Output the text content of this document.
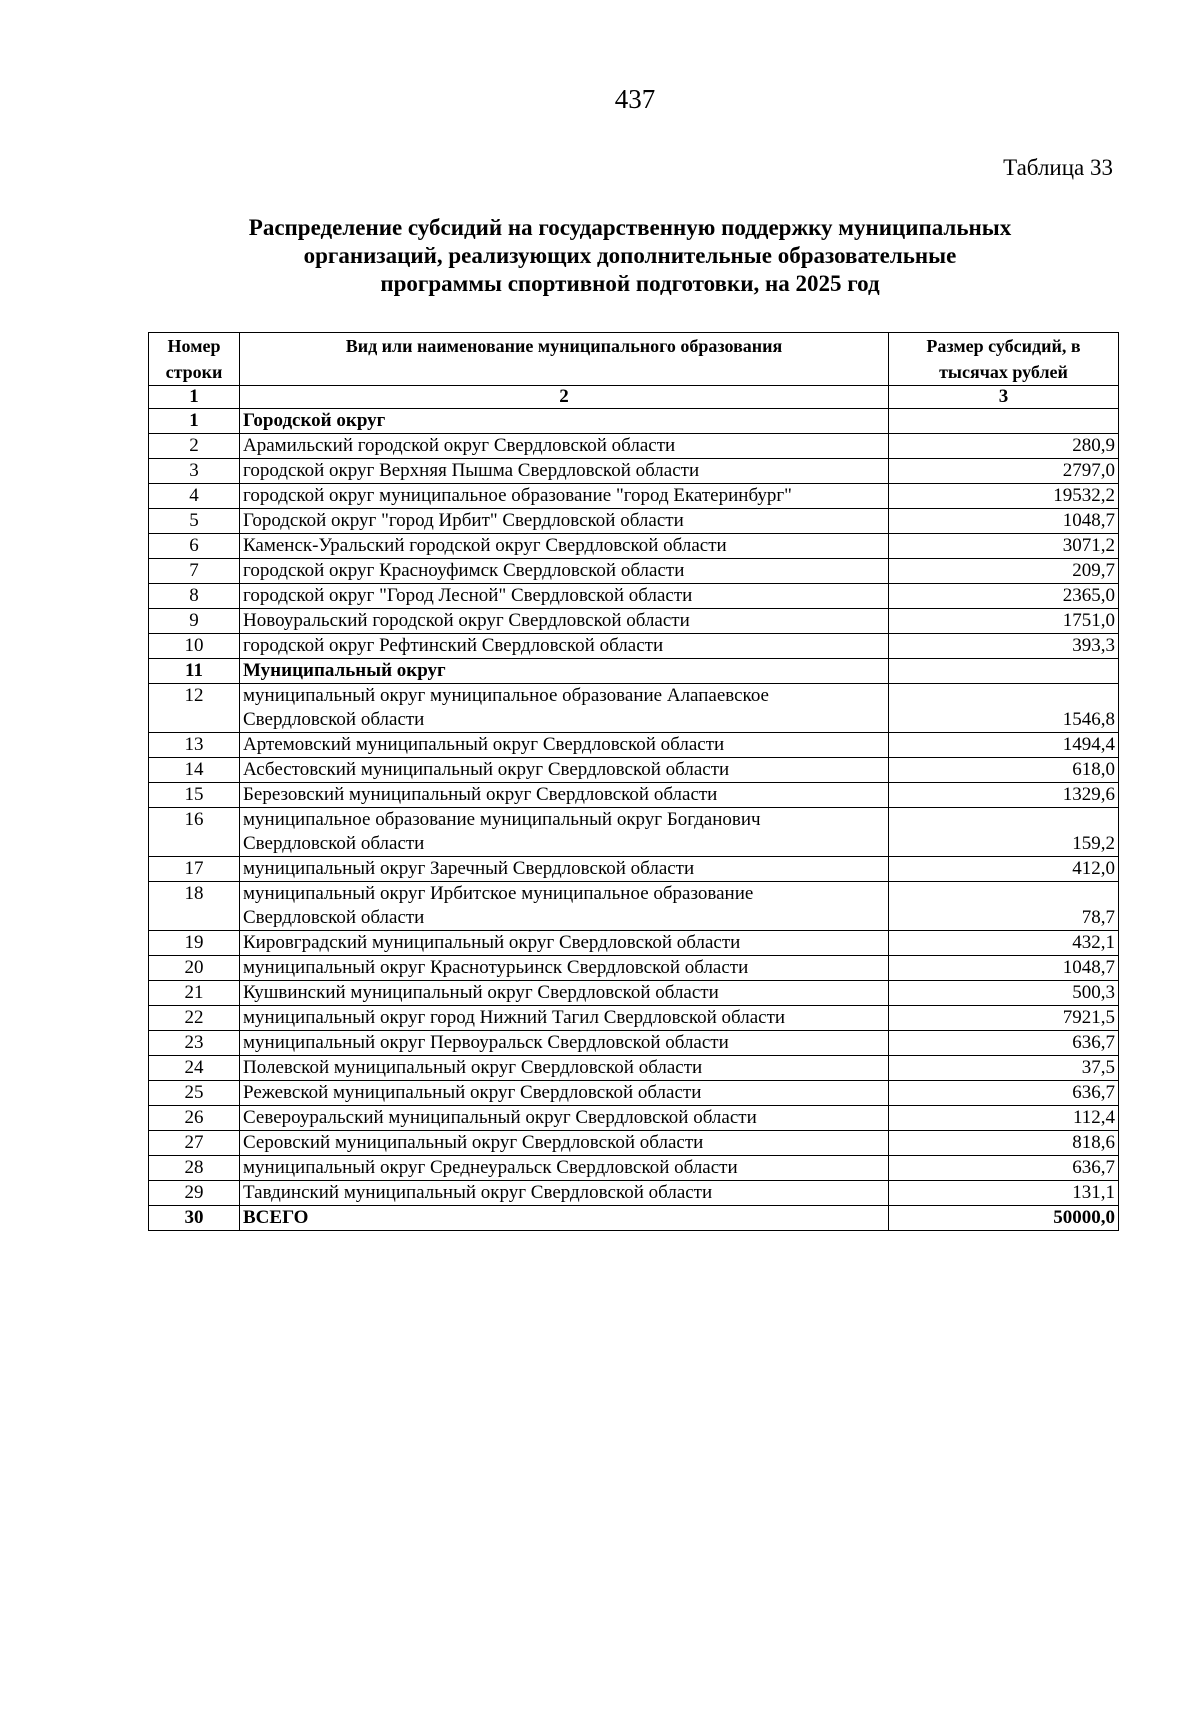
437
Таблица 33
Распределение субсидий на государственную поддержку муниципальных
организаций, реализующих дополнительные образовательные
программы спортивной подготовки, на 2025 год
Номер строки	Вид или наименование муниципального образования	Размер субсидий, в тысячах рублей
1	2	3
1	Городской округ	

2	Арамильский городской округ Свердловской области	280,9
3	городской округ Верхняя Пышма Свердловской области	2797,0
4	городской округ муниципальное образование "город Екатеринбург"	19532,2
5	Городской округ "город Ирбит" Свердловской области	1048,7
6	Каменск-Уральский городской округ Свердловской области	3071,2
7	городской округ Красноуфимск Свердловской области	209,7
8	городской округ "Город Лесной" Свердловской области	2365,0
9	Новоуральский городской округ Свердловской области	1751,0
10	городской округ Рефтинский Свердловской области	393,3
11	Муниципальный округ	

12	муниципальный округ муниципальное образование Алапаевское
Свердловской области	1546,8
13	Артемовский муниципальный округ Свердловской области	1494,4
14	Асбестовский муниципальный округ Свердловской области	618,0
15	Березовский муниципальный округ Свердловской области	1329,6
16	муниципальное образование муниципальный округ Богданович
Свердловской области	159,2
17	муниципальный округ Заречный Свердловской области	412,0
18	муниципальный округ Ирбитское муниципальное образование
Свердловской области	78,7
19	Кировградский муниципальный округ Свердловской области	432,1
20	муниципальный округ Краснотурьинск Свердловской области	1048,7
21	Кушвинский муниципальный округ Свердловской области	500,3
22	муниципальный округ город Нижний Тагил Свердловской области	7921,5
23	муниципальный округ Первоуральск Свердловской области	636,7
24	Полевской муниципальный округ Свердловской области	37,5
25	Режевской муниципальный округ Свердловской области	636,7
26	Североуральский муниципальный округ Свердловской области	112,4
27	Серовский муниципальный округ Свердловской области	818,6
28	муниципальный округ Среднеуральск Свердловской области	636,7
29	Тавдинский муниципальный округ Свердловской области	131,1
30	ВСЕГО	50000,0
